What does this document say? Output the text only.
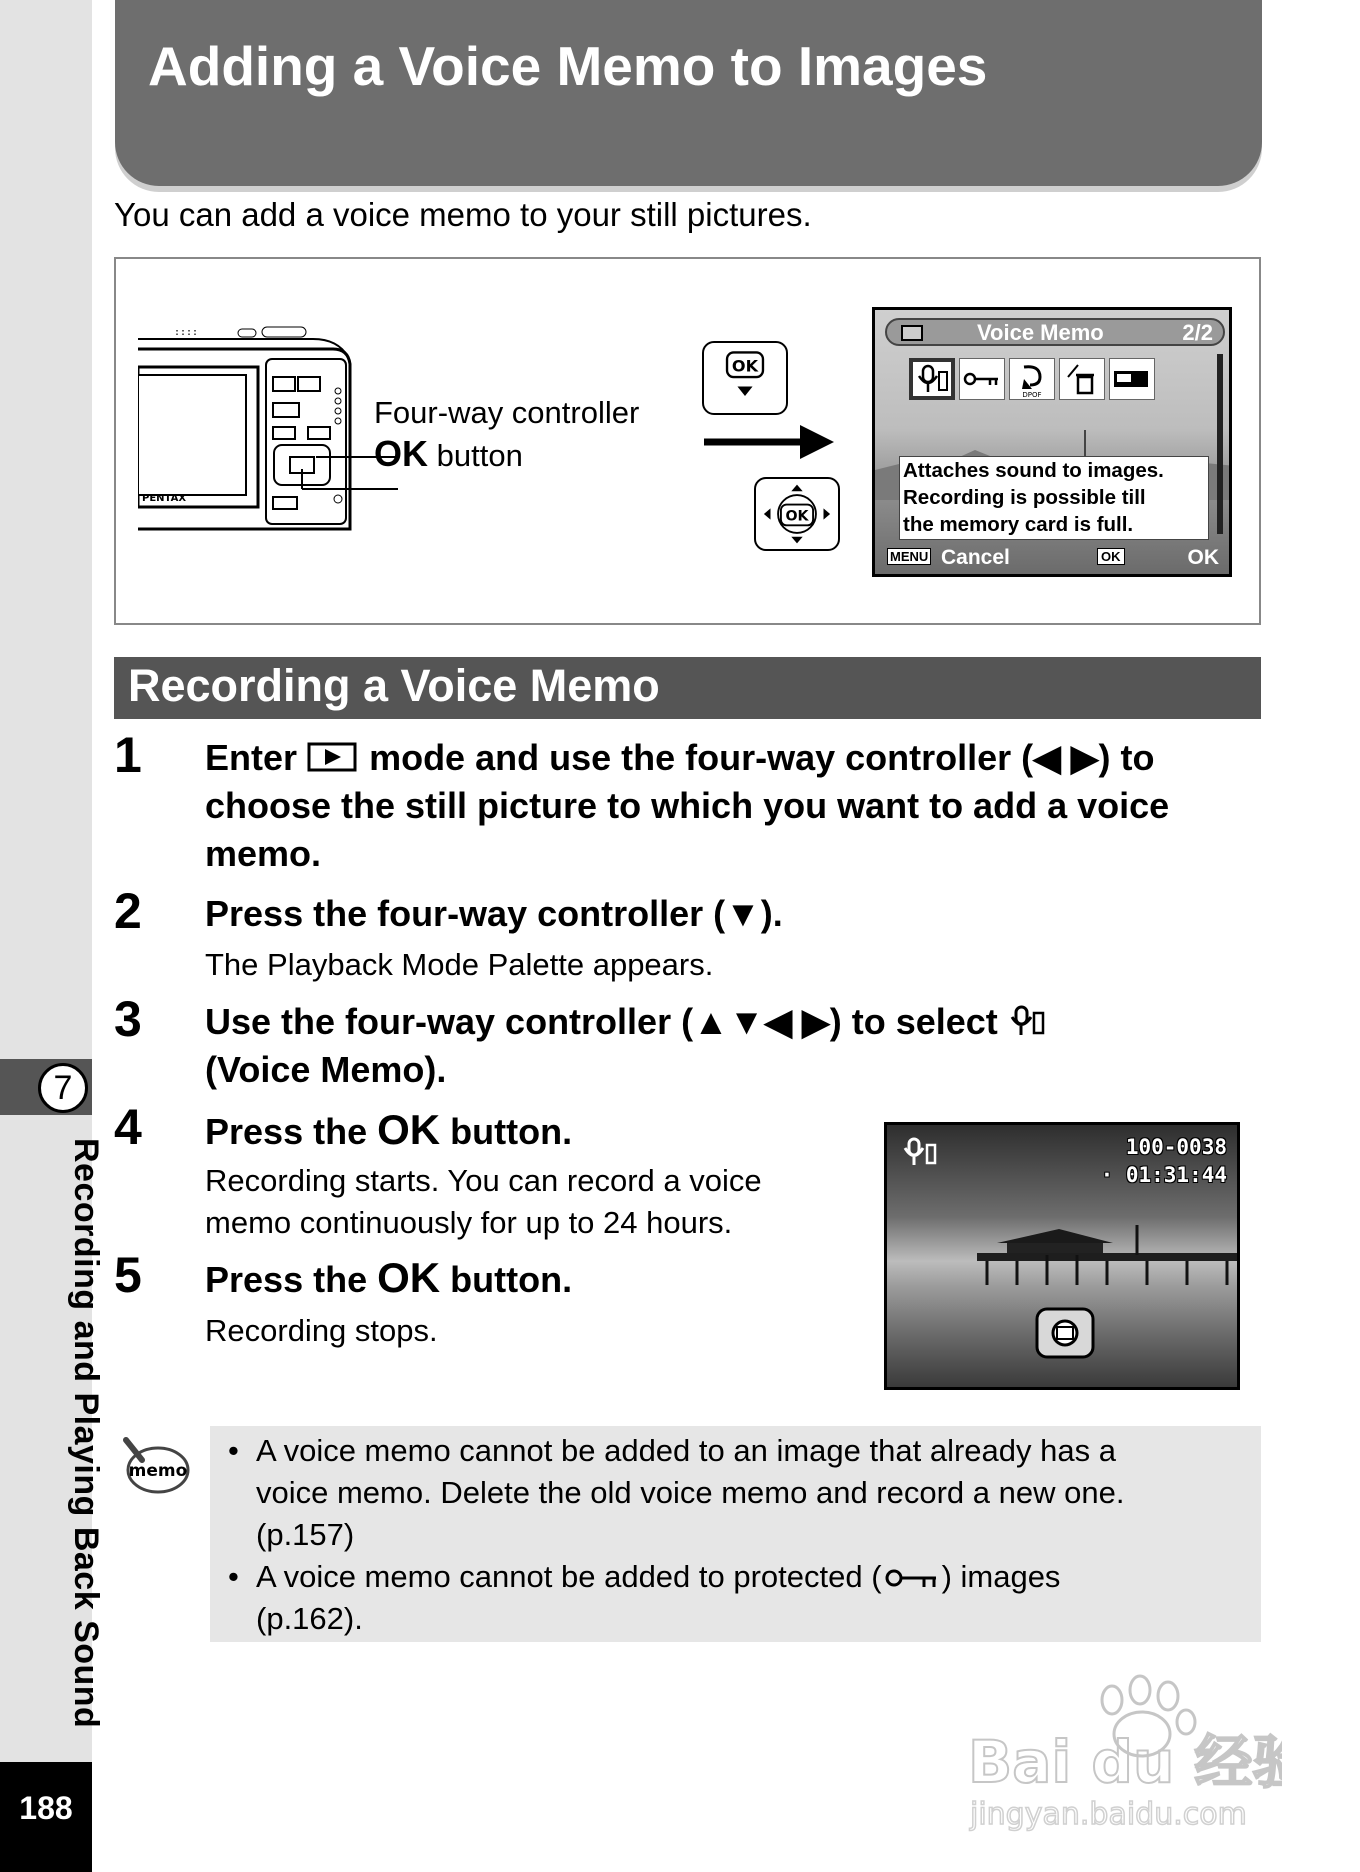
7
Recording and Playing Back Sound
188
Adding a Voice Memo to Images
You can add a voice memo to your still pictures.
::::
PENTAX
Four-way controller
OK button
OK
OK
Voice Memo	2/2
DPOF
Attaches sound to images.
Recording is possible till
the memory card is full.
MENU Cancel	OK	OK
Recording a Voice Memo
1 Enter mode and use the four-way controller (◀ ▶) to choose the still picture to which you want to add a voice memo.
2 Press the four-way controller (▼).
The Playback Mode Palette appears.
3 Use the four-way controller (▲▼◀ ▶) to select
(Voice Memo).
4 Press the OK button.
Recording starts. You can record a voice
memo continuously for up to 24 hours.
5 Press the OK button.
Recording stops.
100-0038
· 01:31:44
memo
• A voice memo cannot be added to an image that already has a
voice memo. Delete the old voice memo and record a new one.
(p.157)
• A voice memo cannot be added to protected ( ) images
(p.162).
Bai du 经验
jingyan.baidu.com
